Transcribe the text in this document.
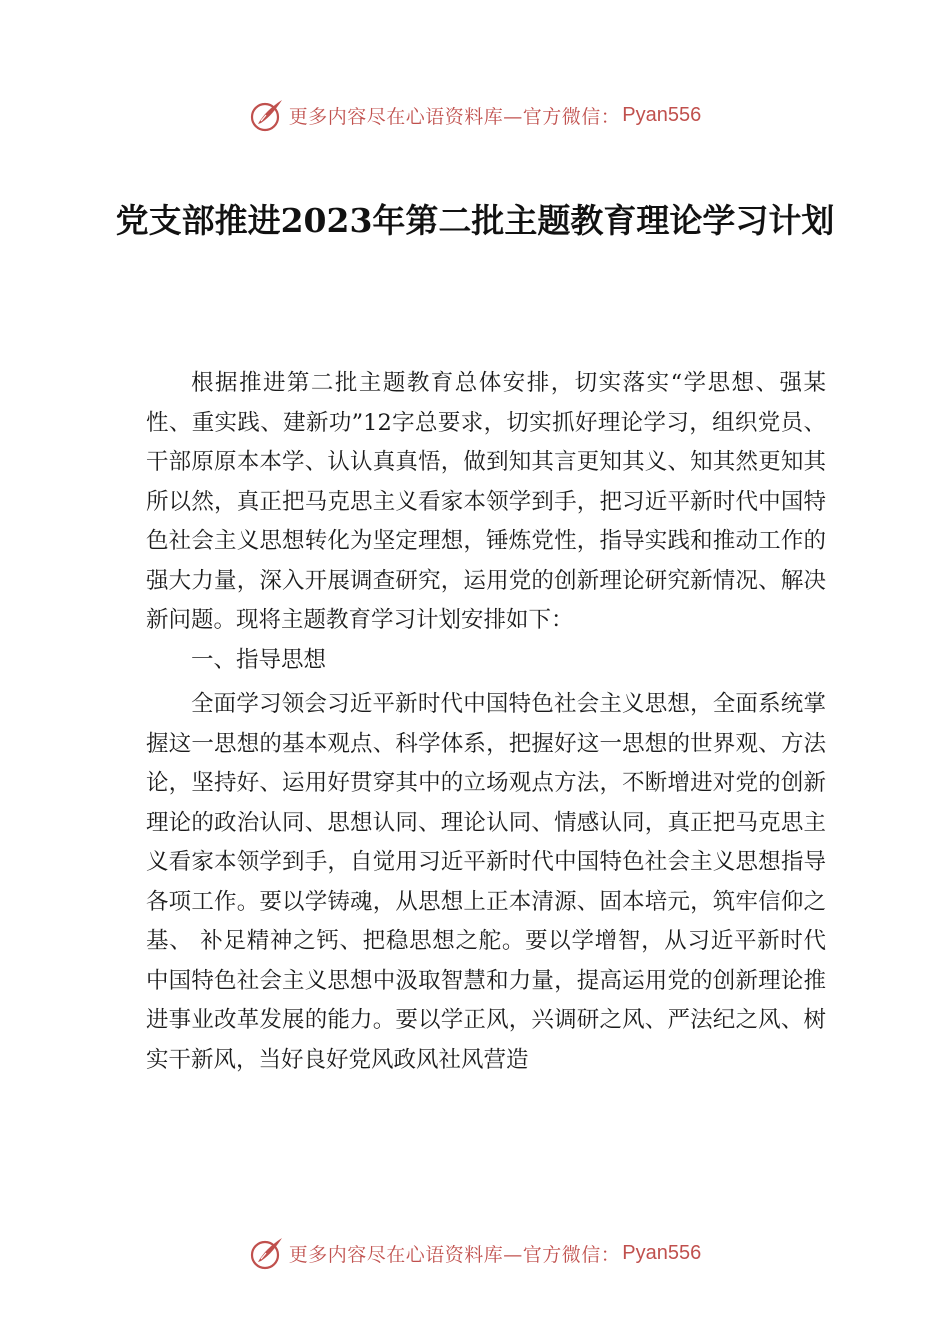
更多内容尽在心语资料库—官方微信： Pyan556
党支部推进2023年第二批主题教育理论学习计划

根据推进第二批主题教育总体安排，切实落实“学思想、强某性、重实践、建新功”12字总要求，切实抓好理论学习，组织党员、干部原原本本学、认认真真悟，做到知其言更知其义、知其然更知其所以然，真正把马克思主义看家本领学到手，把习近平新时代中国特色社会主义思想转化为坚定理想，锤炼党性，指导实践和推动工作的强大力量，深入开展调查研究，运用党的创新理论研究新情况、解决新问题。现将主题教育学习计划安排如下：

一、指导思想

全面学习领会习近平新时代中国特色社会主义思想，全面系统掌握这一思想的基本观点、科学体系，把握好这一思想的世界观、方法论，坚持好、运用好贯穿其中的立场观点方法，不断增进对党的创新理论的政治认同、思想认同、理论认同、情感认同，真正把马克思主义看家本领学到手，自觉用习近平新时代中国特色社会主义思想指导各项工作。要以学铸魂，从思想上正本清源、固本培元，筑牢信仰之基、 补足精神之钙、把稳思想之舵。要以学增智，从习近平新时代中国特色社会主义思想中汲取智慧和力量，提高运用党的创新理论推进事业改革发展的能力。要以学正风，兴调研之风、严法纪之风、树实干新风，当好良好党风政风社风营造

更多内容尽在心语资料库—官方微信： Pyan556
